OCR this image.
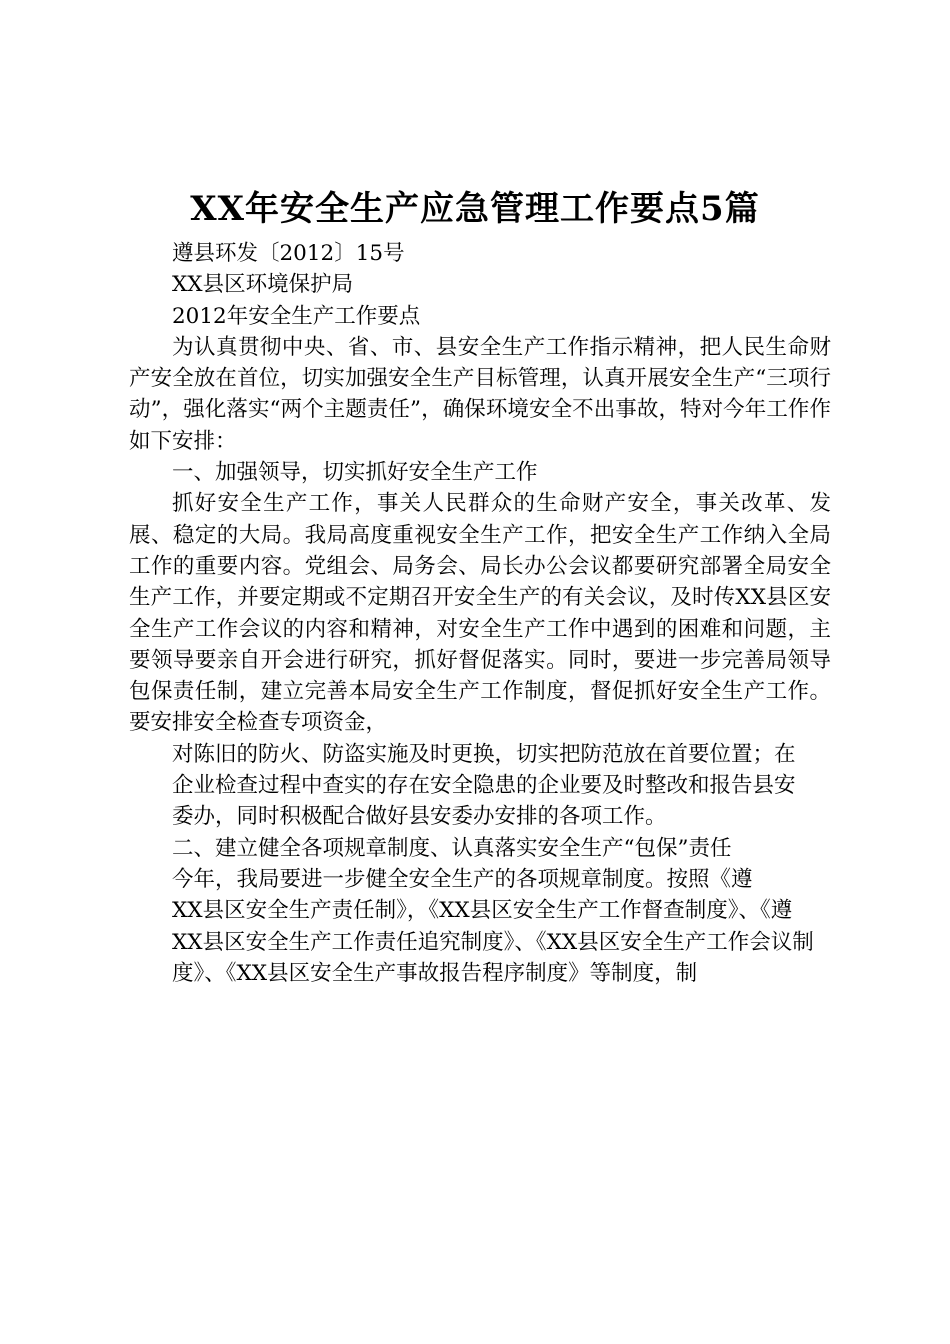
XX年安全生产应急管理工作要点5篇

遵县环发〔2012〕15号

XX县区环境保护局

2012年安全生产工作要点

为认真贯彻中央、省、市、县安全生产工作指示精神，把人民生命财产安全放在首位，切实加强安全生产目标管理，认真开展安全生产“三项行动”，强化落实“两个主题责任”，确保环境安全不出事故，特对今年工作作如下安排：

一、加强领导，切实抓好安全生产工作

抓好安全生产工作，事关人民群众的生命财产安全，事关改革、发展、稳定的大局。我局高度重视安全生产工作，把安全生产工作纳入全局工作的重要内容。党组会、局务会、局长办公会议都要研究部署全局安全生产工作，并要定期或不定期召开安全生产的有关会议，及时传XX县区安全生产工作会议的内容和精神，对安全生产工作中遇到的困难和问题，主要领导要亲自开会进行研究，抓好督促落实。同时，要进一步完善局领导包保责任制，建立完善本局安全生产工作制度，督促抓好安全生产工作。要安排安全检查专项资金，

对陈旧的防火、防盗实施及时更换，切实把防范放在首要位置；在

企业检查过程中查实的存在安全隐患的企业要及时整改和报告县安

委办，同时积极配合做好县安委办安排的各项工作。

二、建立健全各项规章制度、认真落实安全生产“包保”责任

今年，我局要进一步健全安全生产的各项规章制度。按照《遵

XX县区安全生产责任制》，《XX县区安全生产工作督查制度》、《遵

XX县区安全生产工作责任追究制度》、《XX县区安全生产工作会议制

度》、《XX县区安全生产事故报告程序制度》等制度，制
